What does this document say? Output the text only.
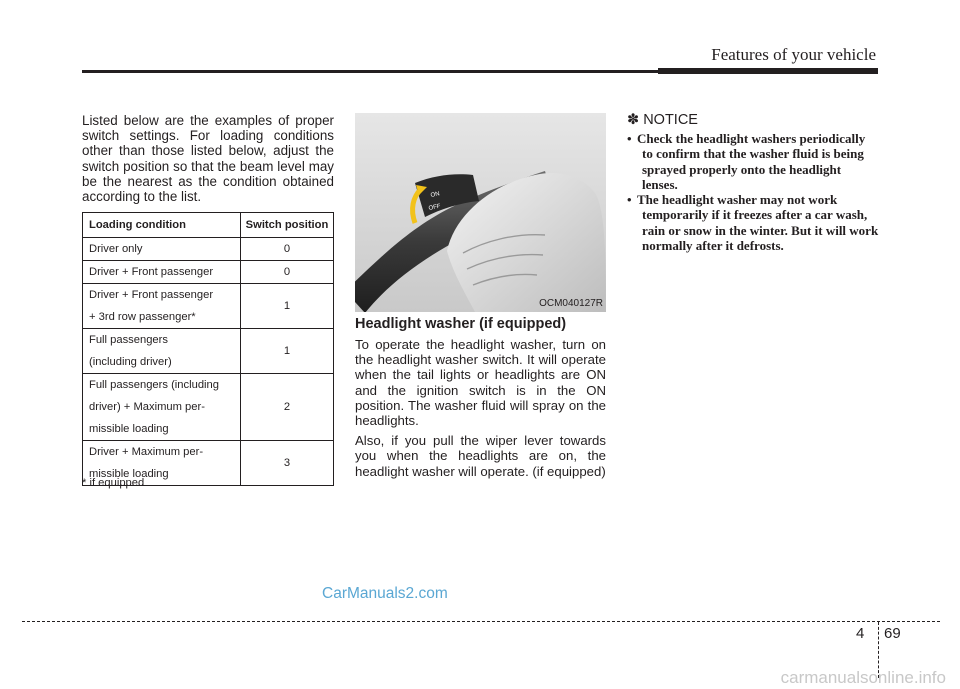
Features of your vehicle

Listed below are the examples of proper switch settings. For loading conditions other than those listed below, adjust the switch position so that the beam level may be the nearest as the condition obtained according to the list.

Loading condition	Switch position

Driver only	0

Driver + Front passenger	0

Driver + Front passenger
+ 3rd row passenger*	1

Full passengers
(including driver)	1

Full passengers (including
driver) + Maximum per-
missible loading	2

Driver + Maximum per-
missible loading	3
* if equipped
ON
OFF
OCM040127R
Headlight washer (if equipped)

To operate the headlight washer, turn on the headlight washer switch. It will operate when the tail lights or headlights are ON and the ignition switch is in the ON position. The washer fluid will spray on the headlights.

Also, if you pull the wiper lever towards you when the headlights are on, the headlight washer will operate. (if equipped)

✽ NOTICE
• Check the headlight washers periodically to confirm that the washer fluid is being sprayed properly onto the headlight lenses.
• The headlight washer may not work temporarily if it freezes after a car wash, rain or snow in the winter. But it will work normally after it defrosts.
CarManuals2.com
4 69
carmanualsonline.info
